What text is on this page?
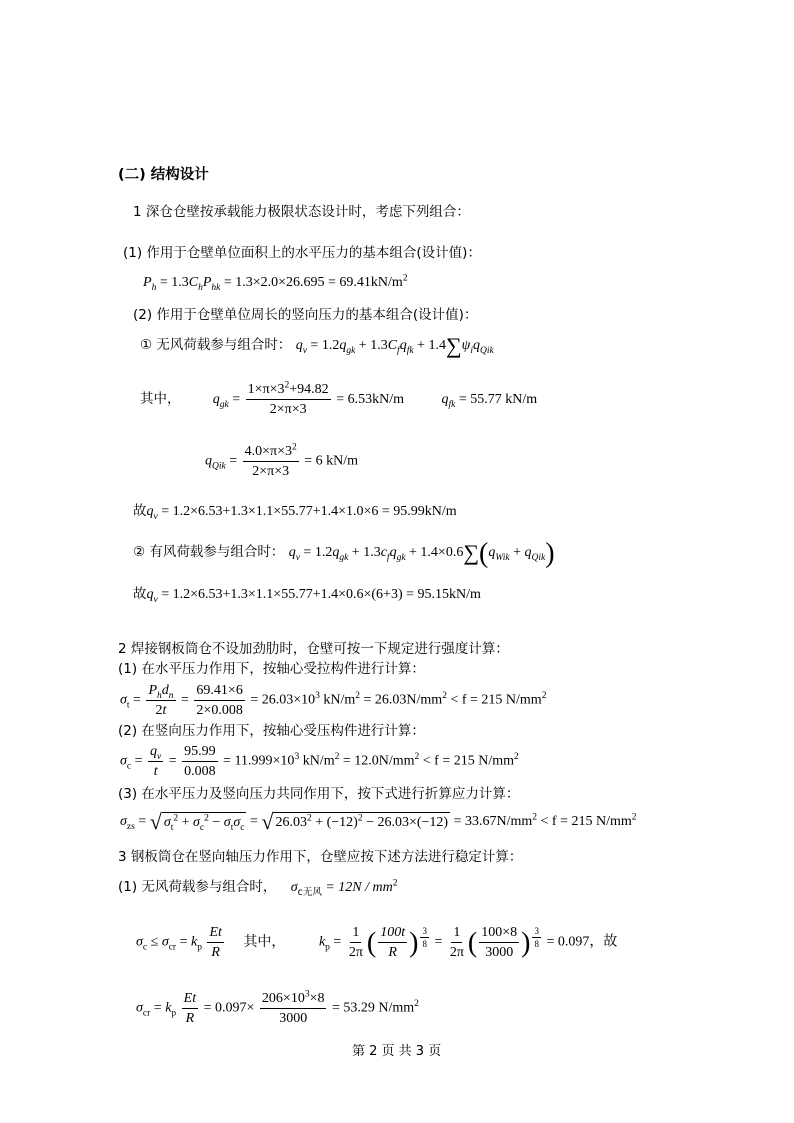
(二) 结构设计
1 深仓仓壁按承载能力极限状态设计时，考虑下列组合：
(1) 作用于仓壁单位面积上的水平压力的基本组合(设计值)：
$P_h = 1.3C_hP_{hk} = 1.3\times 2.0\times 26.695 = 69.41kN/m^2$
(2) 作用于仓壁单位周长的竖向压力的基本组合(设计值)：
① 无风荷载参与组合时： $q_v = 1.2q_{gk} + 1.3C_fq_{fk} + 1.4\sum\psi_iq_{Qik}$
其中， $q_{gk} = \frac{1\times\pi\times 3^2+94.82}{2\times\pi\times 3} = 6.53kN/m$	$q_{fk} = 55.77$ kN/m
$q_{Qik} = \frac{4.0\times\pi\times 3^2}{2\times\pi\times 3} = 6$ kN/m
故$q_v = 1.2\times 6.53+1.3\times 1.1\times 55.77+1.4\times 1.0\times 6 = 95.99kN/m$
② 有风荷载参与组合时： $q_v = 1.2q_{gk} + 1.3c_fq_{gk} + 1.4\times 0.6\sum(q_{Wik} + q_{Qik})$
故$q_v = 1.2\times 6.53+1.3\times 1.1\times 55.77+1.4\times 0.6\times(6+3) = 95.15kN/m$
2 焊接钢板筒仓不设加劲肋时，仓壁可按一下规定进行强度计算：
(1) 在水平压力作用下，按轴心受拉构件进行计算：
$\sigma_t = \frac{P_hd_n}{2t} = \frac{69.41\times 6}{2\times 0.008} = 26.03\times 10^3$ $kN/m^2 = 26.03N/mm^2 < f = 215$ $N/mm^2$
(2) 在竖向压力作用下，按轴心受压构件进行计算：
$\sigma_c = \frac{q_v}{t} = \frac{95.99}{0.008} = 11.999\times 10^3$ $kN/m^2 = 12.0N/mm^2 < f = 215$ $N/mm^2$
(3) 在水平压力及竖向压力共同作用下，按下式进行折算应力计算：
$\sigma_{zs}$ = √ $\sigma_t^2 + \sigma_c^2 - \sigma_t\sigma_c$ = √ $26.03^2 + (-12)^2 - 26.03\times(-12) = 33.67N/mm^2 < f = 215$ $N/mm^2$
3 钢板筒仓在竖向轴压力作用下，仓壁应按下述方法进行稳定计算：
(1) 无风荷载参与组合时， $\sigma_{c无风} = 12N / mm^2$
$\sigma_c \le \sigma_{cr} = k_p \frac{Et}{R}$ 其中， $k_p = \frac{1}{2\pi}$ ( $\frac{100t}{R}$ ) $^{\frac{3}{8}} = \frac{1}{2\pi}$ ( $\frac{100\times 8}{3000}$ ) $^{\frac{3}{8}}$ = 0.097，故
$\sigma_{cr} = k_p \frac{Et}{R} = 0.097\times \frac{206\times 10^3\times 8}{3000} = 53.29$ $N/mm^2$
第 2 页 共 3 页
